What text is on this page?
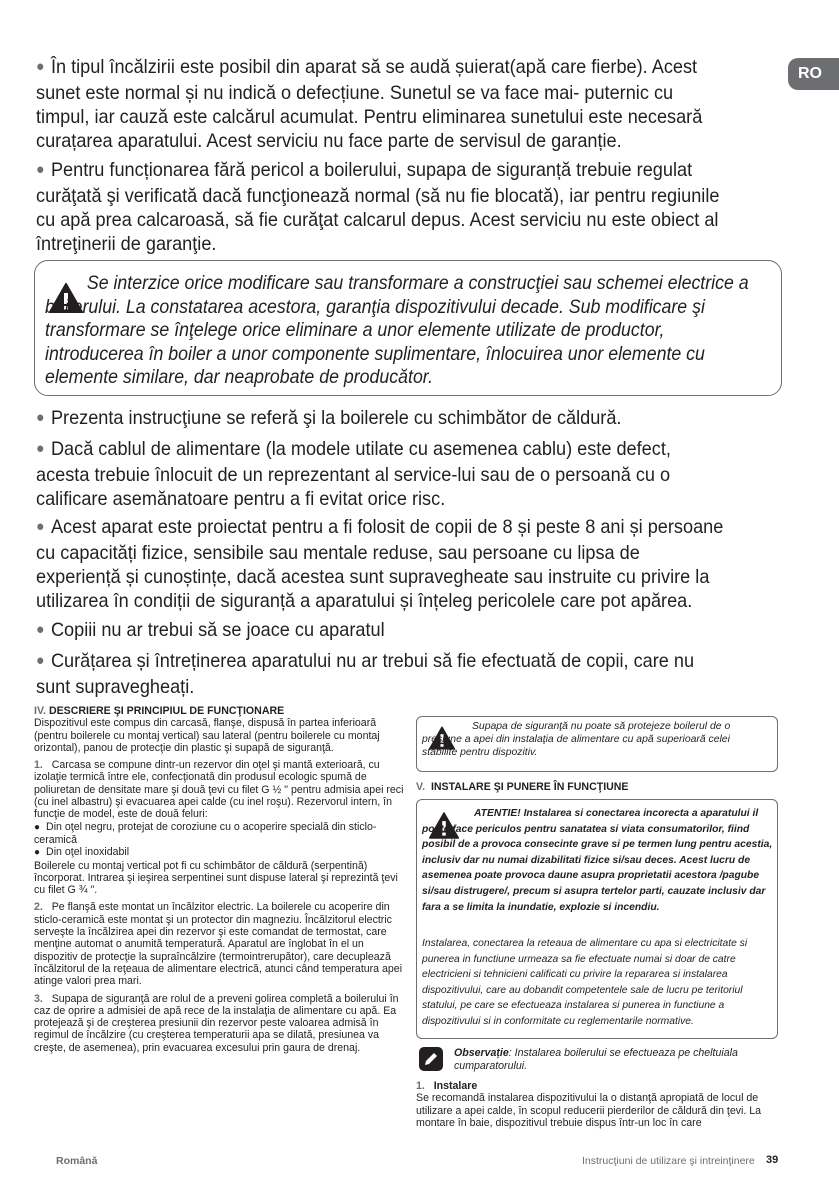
RO
● În tipul încălzirii este posibil din aparat să se audă șuierat(apă care fierbe). Acest sunet este normal și nu indică o defecțiune. Sunetul se va face mai- puternic cu timpul, iar cauză este calcărul acumulat. Pentru eliminarea sunetului este necesară curațarea aparatului. Acest serviciu nu face parte de servisul de garanție.
● Pentru funcționarea fără pericol a boilerului, supapa de siguranță trebuie regulat curăţată şi verificată dacă funcţionează normal (să nu fie blocată), iar pentru regiunile cu apă prea calcaroasă, să fie curăţat calcarul depus. Acest serviciu nu este obiect al întreţinerii de garanţie.
Se interzice orice modificare sau transformare a construcţiei sau schemei electrice a boilerului. La constatarea acestora, garanţia dispozitivului decade. Sub modificare şi transformare se înţelege orice eliminare a unor elemente utilizate de productor, introducerea în boiler a unor componente suplimentare, înlocuirea unor elemente cu elemente similare, dar neaprobate de producător.
● Prezenta instrucţiune se referă şi la boilerele cu schimbător de căldură.
● Dacă cablul de alimentare (la modele utilate cu asemenea cablu) este defect, acesta trebuie înlocuit de un reprezentant al service-lui sau de o persoană cu o calificare asemănatoare pentru a fi evitat orice risc.
● Acest aparat este proiectat pentru a fi folosit de copii de 8 și peste 8 ani și persoane cu capacități fizice, sensibile sau mentale reduse, sau persoane cu lipsa de experiență și cunoștințe, dacă acestea sunt supravegheate sau instruite cu privire la utilizarea în condiții de siguranță a aparatului și înțeleg pericolele care pot apărea.
● Copiii nu ar trebui să se joace cu aparatul
● Curățarea și întreținerea aparatului nu ar trebui să fie efectuată de copii, care nu sunt supravegheați.

IV. DESCRIERE ŞI PRINCIPIUL DE FUNCŢIONARE

Dispozitivul este compus din carcasă, flanşe, dispusă în partea inferioară (pentru boilerele cu montaj vertical) sau lateral (pentru boilerele cu montaj orizontal), panou de protecţie din plastic şi supapă de siguranţă.

1. Carcasa se compune dintr-un rezervor din oţel şi mantă exterioară, cu izolaţie termică între ele, confecţionată din produsul ecologic spumă de poliuretan de densitate mare şi două ţevi cu filet G ½ " pentru admisia apei reci (cu inel albastru) şi evacuarea apei calde (cu inel roşu). Rezervorul intern, în funcţie de model, este de două feluri:

● Din oţel negru, protejat de coroziune cu o acoperire specială din sticlo-ceramică

● Din oţel inoxidabil

Boilerele cu montaj vertical pot fi cu schimbător de căldură (serpentină) încorporat. Intrarea şi ieşirea serpentinei sunt dispuse lateral şi reprezintă ţevi cu filet G ¾ ".

2. Pe flanşă este montat un încălzitor electric. La boilerele cu acoperire din sticlo-ceramică este montat şi un protector din magneziu. Încălzitorul electric serveşte la încălzirea apei din rezervor şi este comandat de termostat, care menţine automat o anumită temperatură. Aparatul are înglobat în el un dispozitiv de protecţie la supraîncălzire (termointrerupător), care decuplează încălzitorul de la reţeaua de alimentare electrică, atunci când temperatura apei atinge valori prea mari.

3. Supapa de siguranţă are rolul de a preveni golirea completă a boilerului în caz de oprire a admisiei de apă rece de la instalaţia de alimentare cu apă. Ea protejează şi de creşterea presiunii din rezervor peste valoarea admisă în regimul de încălzire (cu creşterea temperaturii apa se dilată, presiunea va creşte, de asemenea), prin evacuarea excesului prin gaura de drenaj.

Supapa de siguranţă nu poate să protejeze boilerul de o presiune a apei din instalaţia de alimentare cu apă superioară celei stabilite pentru dispozitiv.

V. INSTALARE ŞI PUNERE ÎN FUNCŢIUNE

ATENTIE! Instalarea si conectarea incorecta a aparatului il poate face periculos pentru sanatatea si viata consumatorilor, fiind posibil de a provoca consecinte grave si pe termen lung pentru acestia, inclusiv dar nu numai dizabilitati fizice si/sau deces. Acest lucru de asemenea poate provoca daune asupra proprietatii acestora /pagube si/sau distrugere/, precum si asupra tertelor parti, cauzate inclusiv dar fara a se limita la inundatie, explozie si incendiu.
Instalarea, conectarea la reteaua de alimentare cu apa si electricitate si punerea in functiune urmeaza sa fie efectuate numai si doar de catre electricieni si tehnicieni calificati cu privire la repararea si instalarea dispozitivului, care au dobandit competentele sale de lucru pe teritoriul statului, pe care se efectueaza instalarea si punerea in functiune a dispozitivului si in conformitate cu reglementarile normative.

Observație: Instalarea boilerului se efectueaza pe cheltuiala cumparatorului.

1. Instalare

Se recomandă instalarea dispozitivului la o distanţă apropiată de locul de utilizare a apei calde, în scopul reducerii pierderilor de căldură din ţevi. La montare în baie, dispozitivul trebuie dispus într-un loc în care

Română	Instrucţiuni de utilizare şi intreinţinere 39
